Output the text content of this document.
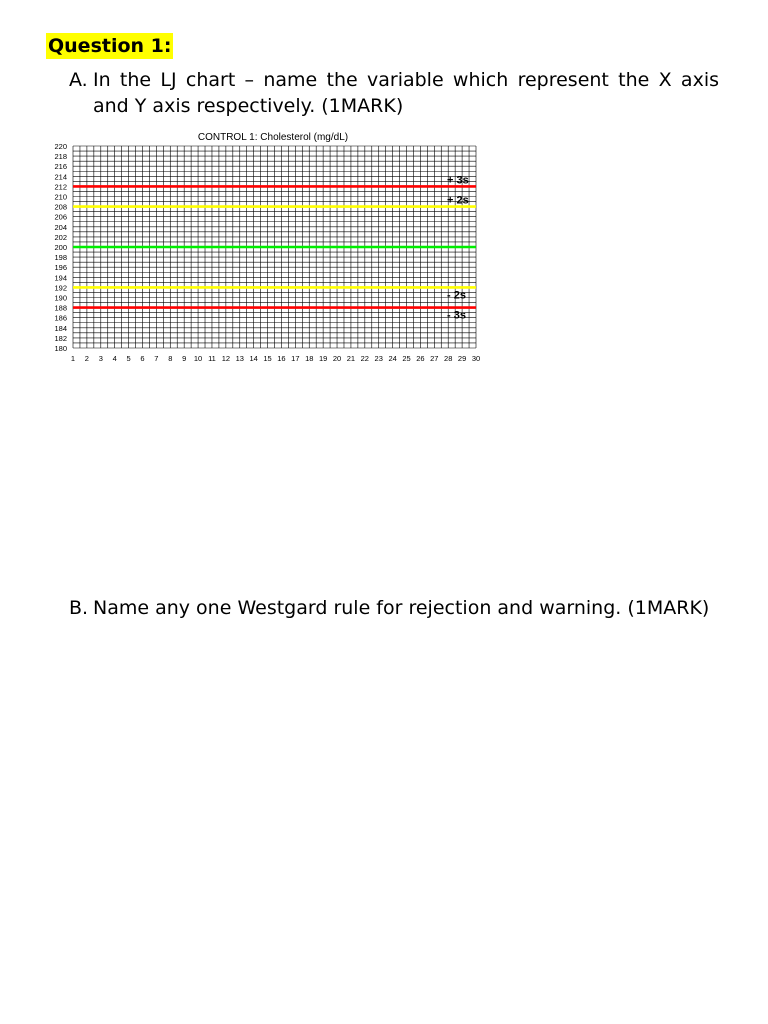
Question 1:
A. In the LJ chart – name the variable which represent the X axis and Y axis respectively. (1MARK)
CONTROL 1: Cholesterol (mg/dL)
+ 3s
+ 2s
- 2s
- 3s
180
182
184
186
188
190
192
194
196
198
200
202
204
206
208
210
212
214
216
218
220
1 2 3 4 5 6 7 8 9 10 11 12 13 14 15 16 17 18 19 20 21 22 23 24 25 26 27 28 29 30
B. Name any one Westgard rule for rejection and warning. (1MARK)
